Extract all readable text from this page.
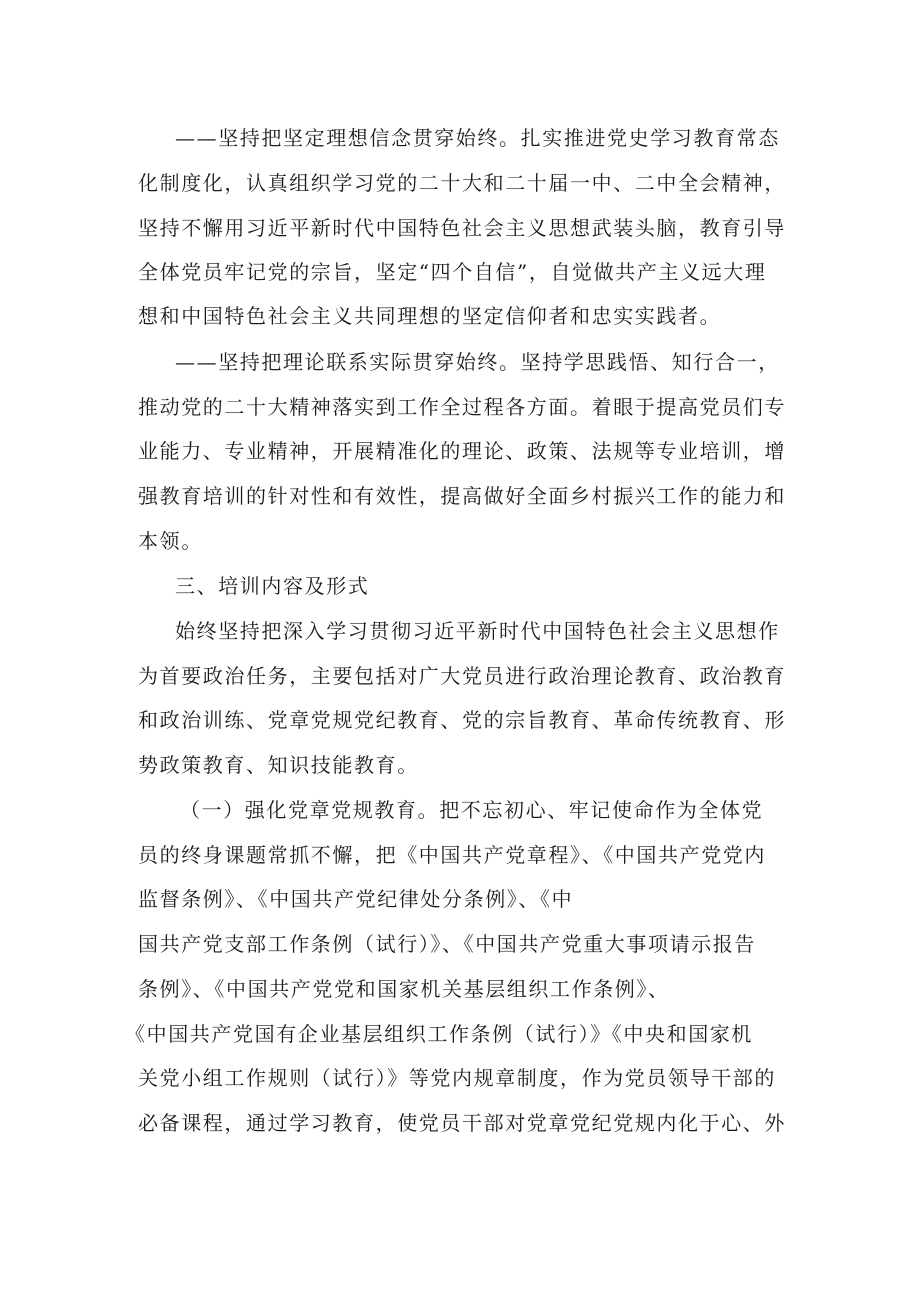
——坚持把坚定理想信念贯穿始终。扎实推进党史学习教育常态

化制度化，认真组织学习党的二十大和二十届一中、二中全会精神，

坚持不懈用习近平新时代中国特色社会主义思想武装头脑，教育引导

全体党员牢记党的宗旨，坚定“四个自信”，自觉做共产主义远大理

想和中国特色社会主义共同理想的坚定信仰者和忠实实践者。

——坚持把理论联系实际贯穿始终。坚持学思践悟、知行合一，

推动党的二十大精神落实到工作全过程各方面。着眼于提高党员们专

业能力、专业精神，开展精准化的理论、政策、法规等专业培训，增

强教育培训的针对性和有效性，提高做好全面乡村振兴工作的能力和

本领。

三、培训内容及形式

始终坚持把深入学习贯彻习近平新时代中国特色社会主义思想作

为首要政治任务，主要包括对广大党员进行政治理论教育、政治教育

和政治训练、党章党规党纪教育、党的宗旨教育、革命传统教育、形

势政策教育、知识技能教育。

（一）强化党章党规教育。把不忘初心、牢记使命作为全体党

员的终身课题常抓不懈，把《中国共产党章程》、《中国共产党党内

监督条例》、《中国共产党纪律处分条例》、《中

国共产党支部工作条例（试行）》、《中国共产党重大事项请示报告

条例》、《中国共产党党和国家机关基层组织工作条例》、

《中国共产党国有企业基层组织工作条例（试行）》《中央和国家机

关党小组工作规则（试行）》等党内规章制度，作为党员领导干部的

必备课程，通过学习教育，使党员干部对党章党纪党规内化于心、外
